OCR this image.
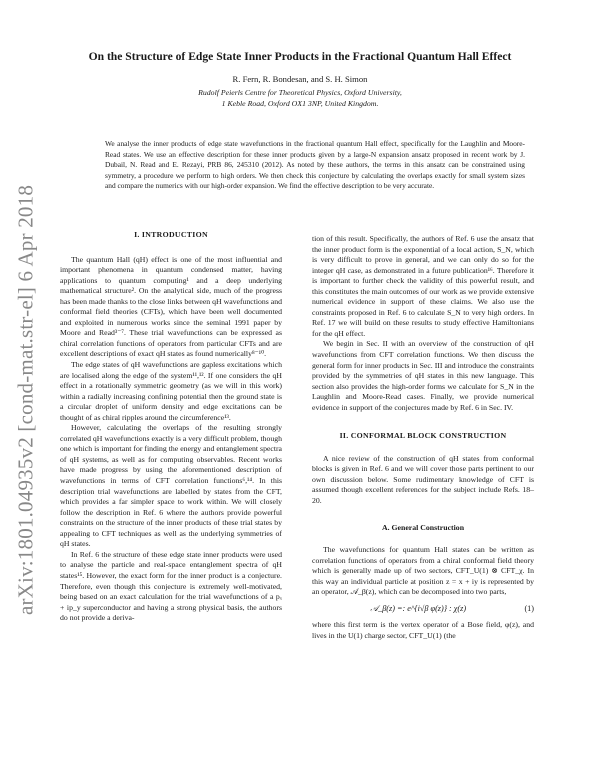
arXiv:1801.04935v2 [cond-mat.str-el] 6 Apr 2018
On the Structure of Edge State Inner Products in the Fractional Quantum Hall Effect
R. Fern, R. Bondesan, and S. H. Simon
Rudolf Peierls Centre for Theoretical Physics, Oxford University,
1 Keble Road, Oxford OX1 3NP, United Kingdom.
We analyse the inner products of edge state wavefunctions in the fractional quantum Hall effect, specifically for the Laughlin and Moore-Read states. We use an effective description for these inner products given by a large-N expansion ansatz proposed in recent work by J. Dubail, N. Read and E. Rezayi, PRB 86, 245310 (2012). As noted by these authors, the terms in this ansatz can be constrained using symmetry, a procedure we perform to high orders. We then check this conjecture by calculating the overlaps exactly for small system sizes and compare the numerics with our high-order expansion. We find the effective description to be very accurate.

I. INTRODUCTION

The quantum Hall (qH) effect is one of the most influential and important phenomena in quantum condensed matter, having applications to quantum computing¹ and a deep underlying mathematical structure². On the analytical side, much of the progress has been made thanks to the close links between qH wavefunctions and conformal field theories (CFTs), which have been well documented and exploited in numerous works since the seminal 1991 paper by Moore and Read³⁻⁷. These trial wavefunctions can be expressed as chiral correlation functions of operators from particular CFTs and are excellent descriptions of exact qH states as found numerically⁸⁻¹⁰.

The edge states of qH wavefunctions are gapless excitations which are localised along the edge of the system¹¹,¹². If one considers the qH effect in a rotationally symmetric geometry (as we will in this work) within a radially increasing confining potential then the ground state is a circular droplet of uniform density and edge excitations can be thought of as chiral ripples around the circumference¹³.

However, calculating the overlaps of the resulting strongly correlated qH wavefunctions exactly is a very difficult problem, though one which is important for finding the energy and entanglement spectra of qH systems, as well as for computing observables. Recent works have made progress by using the aforementioned description of wavefunctions in terms of CFT correlation functions⁶,¹⁴. In this description trial wavefunctions are labelled by states from the CFT, which provides a far simpler space to work within. We will closely follow the description in Ref. 6 where the authors provide powerful constraints on the structure of the inner products of these trial states by appealing to CFT techniques as well as the underlying symmetries of qH states.

In Ref. 6 the structure of these edge state inner products were used to analyse the particle and real-space entanglement spectra of qH states¹⁵. However, the exact form for the inner product is a conjecture. Therefore, even though this conjecture is extremely well-motivated, being based on an exact calculation for the trial wavefunctions of a pₓ + ip_y superconductor and having a strong physical basis, the authors do not provide a deriva-

tion of this result. Specifically, the authors of Ref. 6 use the ansatz that the inner product form is the exponential of a local action, S_N, which is very difficult to prove in general, and we can only do so for the integer qH case, as demonstrated in a future publication¹⁶. Therefore it is important to further check the validity of this powerful result, and this constitutes the main outcomes of our work as we provide extensive numerical evidence in support of these claims. We also use the constraints proposed in Ref. 6 to calculate S_N to very high orders. In Ref. 17 we will build on these results to study effective Hamiltonians for the qH effect.

We begin in Sec. II with an overview of the construction of qH wavefunctions from CFT correlation functions. We then discuss the general form for inner products in Sec. III and introduce the constraints provided by the symmetries of qH states in this new language. This section also provides the high-order forms we calculate for S_N in the Laughlin and Moore-Read cases. Finally, we provide numerical evidence in support of the conjectures made by Ref. 6 in Sec. IV.

II. CONFORMAL BLOCK CONSTRUCTION

A nice review of the construction of qH states from conformal blocks is given in Ref. 6 and we will cover those parts pertinent to our own discussion below. Some rudimentary knowledge of CFT is assumed though excellent references for the subject include Refs. 18–20.

A. General Construction

The wavefunctions for quantum Hall states can be written as correlation functions of operators from a chiral conformal field theory which is generally made up of two sectors, CFT_U(1) ⊗ CFT_χ. In this way an individual particle at position z = x + iy is represented by an operator, 𝒜_β(z), which can be decomposed into two parts,

𝒜_β(z) =: e^{i√β φ(z)} : χ(z)	(1)

where this first term is the vertex operator of a Bose field, φ(z), and lives in the U(1) charge sector, CFT_U(1) (the
